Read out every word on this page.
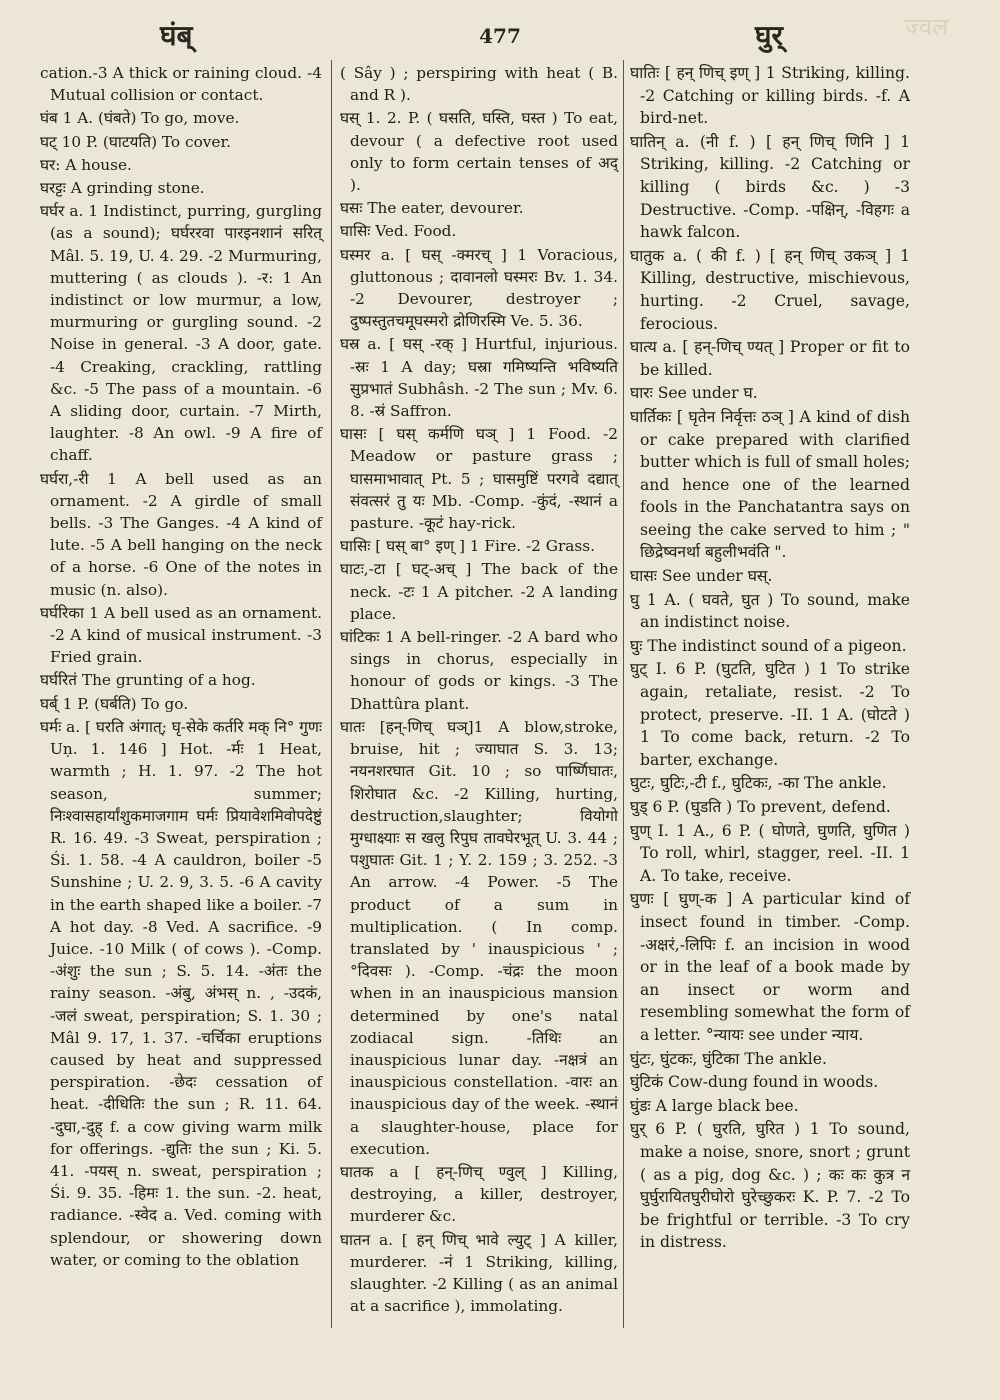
घंब्	477	घुर्	ज्वल

cation.-3 A thick or raining cloud. -4 Mutual collision or contact.

घंब 1 A. (घंबते) To go, move.

घट् 10 P. (घाटयति) To cover.

घर: A house.

घरट्टः A grinding stone.

घर्घर a. 1 Indistinct, purring, gurgling (as a sound); घर्घररवा पारइनशानं सरित् Mâl. 5. 19, U. 4. 29. -2 Murmuring, muttering ( as clouds ). -र: 1 An indistinct or low murmur, a low, murmuring or gurgling sound. -2 Noise in general. -3 A door, gate. -4 Creaking, crackling, rattling &c. -5 The pass of a mountain. -6 A sliding door, curtain. -7 Mirth, laughter. -8 An owl. -9 A fire of chaff.

घर्घरा,-री 1 A bell used as an ornament. -2 A girdle of small bells. -3 The Ganges. -4 A kind of lute. -5 A bell hanging on the neck of a horse. -6 One of the notes in music (n. also).

घर्घरिका 1 A bell used as an ornament. -2 A kind of musical instrument. -3 Fried grain.

घर्घरितं The grunting of a hog.

घर्ब् 1 P. (घर्बति) To go.

घर्मः a. [ घरति अंगात्; घृ-सेके कर्तरि मक् नि° गुणः Uṇ. 1. 146 ] Hot. -र्मः 1 Heat, warmth ; H. 1. 97. -2 The hot season, summer; निःश्वासहार्यांशुकमाजगाम घर्मः प्रियावेशमिवोपदेष्टुं R. 16. 49. -3 Sweat, perspiration ; Śi. 1. 58. -4 A cauldron, boiler -5 Sunshine ; U. 2. 9, 3. 5. -6 A cavity in the earth shaped like a boiler. -7 A hot day. -8 Ved. A sacrifice. -9 Juice. -10 Milk ( of cows ). -Comp. -अंशुः the sun ; S. 5. 14. -अंतः the rainy season. -अंबु, अंभस् n. , -उदकं, -जलं sweat, perspiration; S. 1. 30 ; Mâl 9. 17, 1. 37. -चर्चिका eruptions caused by heat and suppressed perspiration. -छेदः cessation of heat. -दीधितिः the sun ; R. 11. 64. -दुघा,-दुह् f. a cow giving warm milk for offerings. -द्युतिः the sun ; Ki. 5. 41. -पयस् n. sweat, perspiration ; Śi. 9. 35. -हिमः 1. the sun. -2. heat, radiance. -स्वेद a. Ved. coming with splendour, or showering down water, or coming to the oblation

( Sây ) ; perspiring with heat ( B. and R ).

घस् 1. 2. P. ( घसति, घस्ति, घस्त ) To eat, devour ( a defective root used only to form certain tenses of अद् ).

घसः The eater, devourer.

घासिः Ved. Food.

घस्मर a. [ घस् -क्मरच् ] 1 Voracious, gluttonous ; दावानलो घस्मरः Bv. 1. 34. -2 Devourer, destroyer ; दुष्पस्तुतचमूघस्मरो द्रोणिरस्मि Ve. 5. 36.

घस्र a. [ घस् -रक् ] Hurtful, injurious. -स्रः 1 A day; घस्रा गमिष्यन्ति भविष्यति सुप्रभातं Subhâsh. -2 The sun ; Mv. 6. 8. -स्रं Saffron.

घासः [ घस् कर्मणि घञ् ] 1 Food. -2 Meadow or pasture grass ; घासमाभावात् Pt. 5 ; घासमुष्टिं परगवे दद्यात् संवत्सरं तु यः Mb. -Comp. -कुंदं, -स्थानं a pasture. -कूटं hay-rick.

घासिः [ घस् बा° इण् ] 1 Fire. -2 Grass.

घाटः,-टा [ घट्-अच् ] The back of the neck. -टः 1 A pitcher. -2 A landing place.

घांटिकः 1 A bell-ringer. -2 A bard who sings in chorus, especially in honour of gods or kings. -3 The Dhattûra plant.

घातः [हन्-णिच् घञ्]1 A blow,stroke, bruise, hit ; ज्याघात S. 3. 13; नयनशरघात Git. 10 ; so पार्ष्णिघातः, शिरोघात &c. -2 Killing, hurting, destruction,slaughter; वियोगो मुग्धाक्ष्याः स खलु रिपुघ तावघेरभूत् U. 3. 44 ; पशुघातः Git. 1 ; Y. 2. 159 ; 3. 252. -3 An arrow. -4 Power. -5 The product of a sum in multiplication. ( In comp. translated by ' inauspicious ' ; °दिवसः ). -Comp. -चंद्रः the moon when in an inauspicious mansion determined by one's natal zodiacal sign. -तिथिः an inauspicious lunar day. -नक्षत्रं an inauspicious constellation. -वारः an inauspicious day of the week. -स्थानं a slaughter-house, place for execution.

घातक a [ हन्-णिच् ण्वुल् ] Killing, destroying, a killer, destroyer, murderer &c.

घातन a. [ हन् णिच् भावे ल्युट् ] A killer, murderer. -नं 1 Striking, killing, slaughter. -2 Killing ( as an animal at a sacrifice ), immolating.

घातिः [ हन् णिच् इण् ] 1 Striking, killing. -2 Catching or killing birds. -f. A bird-net.

घातिन् a. (नी f. ) [ हन् णिच् णिनि ] 1 Striking, killing. -2 Catching or killing ( birds &c. ) -3 Destructive. -Comp. -पक्षिन्, -विहगः a hawk falcon.

घातुक a. ( की f. ) [ हन् णिच् उकञ् ] 1 Killing, destructive, mischievous, hurting. -2 Cruel, savage, ferocious.

घात्य a. [ हन्-णिच् ण्यत् ] Proper or fit to be killed.

घारः See under घ.

घार्तिकः [ घृतेन निर्वृत्तः ठञ् ] A kind of dish or cake prepared with clarified butter which is full of small holes; and hence one of the learned fools in the Panchatantra says on seeing the cake served to him ; " छिद्रेष्वनर्था बहुलीभवंति ".

घासः See under घस्.

घु 1 A. ( घवते, घुत ) To sound, make an indistinct noise.

घुः The indistinct sound of a pigeon.

घुट् I. 6 P. (घुटति, घुटित ) 1 To strike again, retaliate, resist. -2 To protect, preserve. -II. 1 A. (घोटते ) 1 To come back, return. -2 To barter, exchange.

घुटः, घुटिः,-टी f., घुटिकः, -का The ankle.

घुड् 6 P. (घुडति ) To prevent, defend.

घुण् I. 1 A., 6 P. ( घोणते, घुणति, घुणित ) To roll, whirl, stagger, reel. -II. 1 A. To take, receive.

घुणः [ घुण्-क ] A particular kind of insect found in timber. -Comp. -अक्षरं,-लिपिः f. an incision in wood or in the leaf of a book made by an insect or worm and resembling somewhat the form of a letter. °न्यायः see under न्याय.

घुंटः, घुंटकः, घुंटिका The ankle.

घुंटिकं Cow-dung found in woods.

घुंडः A large black bee.

घुर् 6 P. ( घुरति, घुरित ) 1 To sound, make a noise, snore, snort ; grunt ( as a pig, dog &c. ) ; कः कः कुत्र न घुर्घुरायितघुरीघोरो घुरेच्छुकरः K. P. 7. -2 To be frightful or terrible. -3 To cry in distress.
